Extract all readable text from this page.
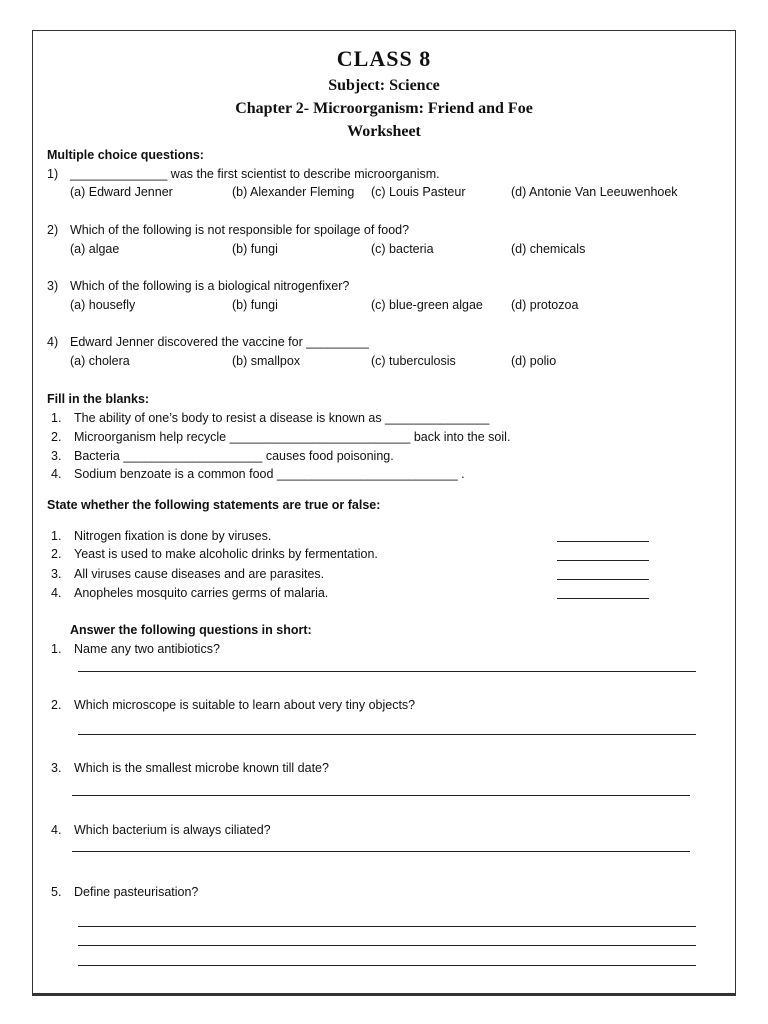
CLASS 8
Subject: Science
Chapter 2- Microorganism: Friend and Foe
Worksheet
Multiple choice questions:
1) ______________ was the first scientist to describe microorganism.
(a) Edward Jenner	(b) Alexander Fleming (c) Louis Pasteur	(d) Antonie Van Leeuwenhoek
2) Which of the following is not responsible for spoilage of food?
(a) algae	(b) fungi	(c) bacteria	(d) chemicals
3) Which of the following is a biological nitrogenfixer?
(a) housefly	(b) fungi	(c) blue-green algae (d) protozoa
4) Edward Jenner discovered the vaccine for _________
(a) cholera	(b) smallpox	(c) tuberculosis	(d) polio
Fill in the blanks:
1. The ability of one’s body to resist a disease is known as _______________
2. Microorganism help recycle __________________________ back into the soil.
3. Bacteria ____________________ causes food poisoning.
4. Sodium benzoate is a common food __________________________ .
State whether the following statements are true or false:
1. Nitrogen fixation is done by viruses.
2. Yeast is used to make alcoholic drinks by fermentation.
3. All viruses cause diseases and are parasites.
4. Anopheles mosquito carries germs of malaria.
Answer the following questions in short:
1. Name any two antibiotics?
2. Which microscope is suitable to learn about very tiny objects?
3. Which is the smallest microbe known till date?
4. Which bacterium is always ciliated?
5. Define pasteurisation?
